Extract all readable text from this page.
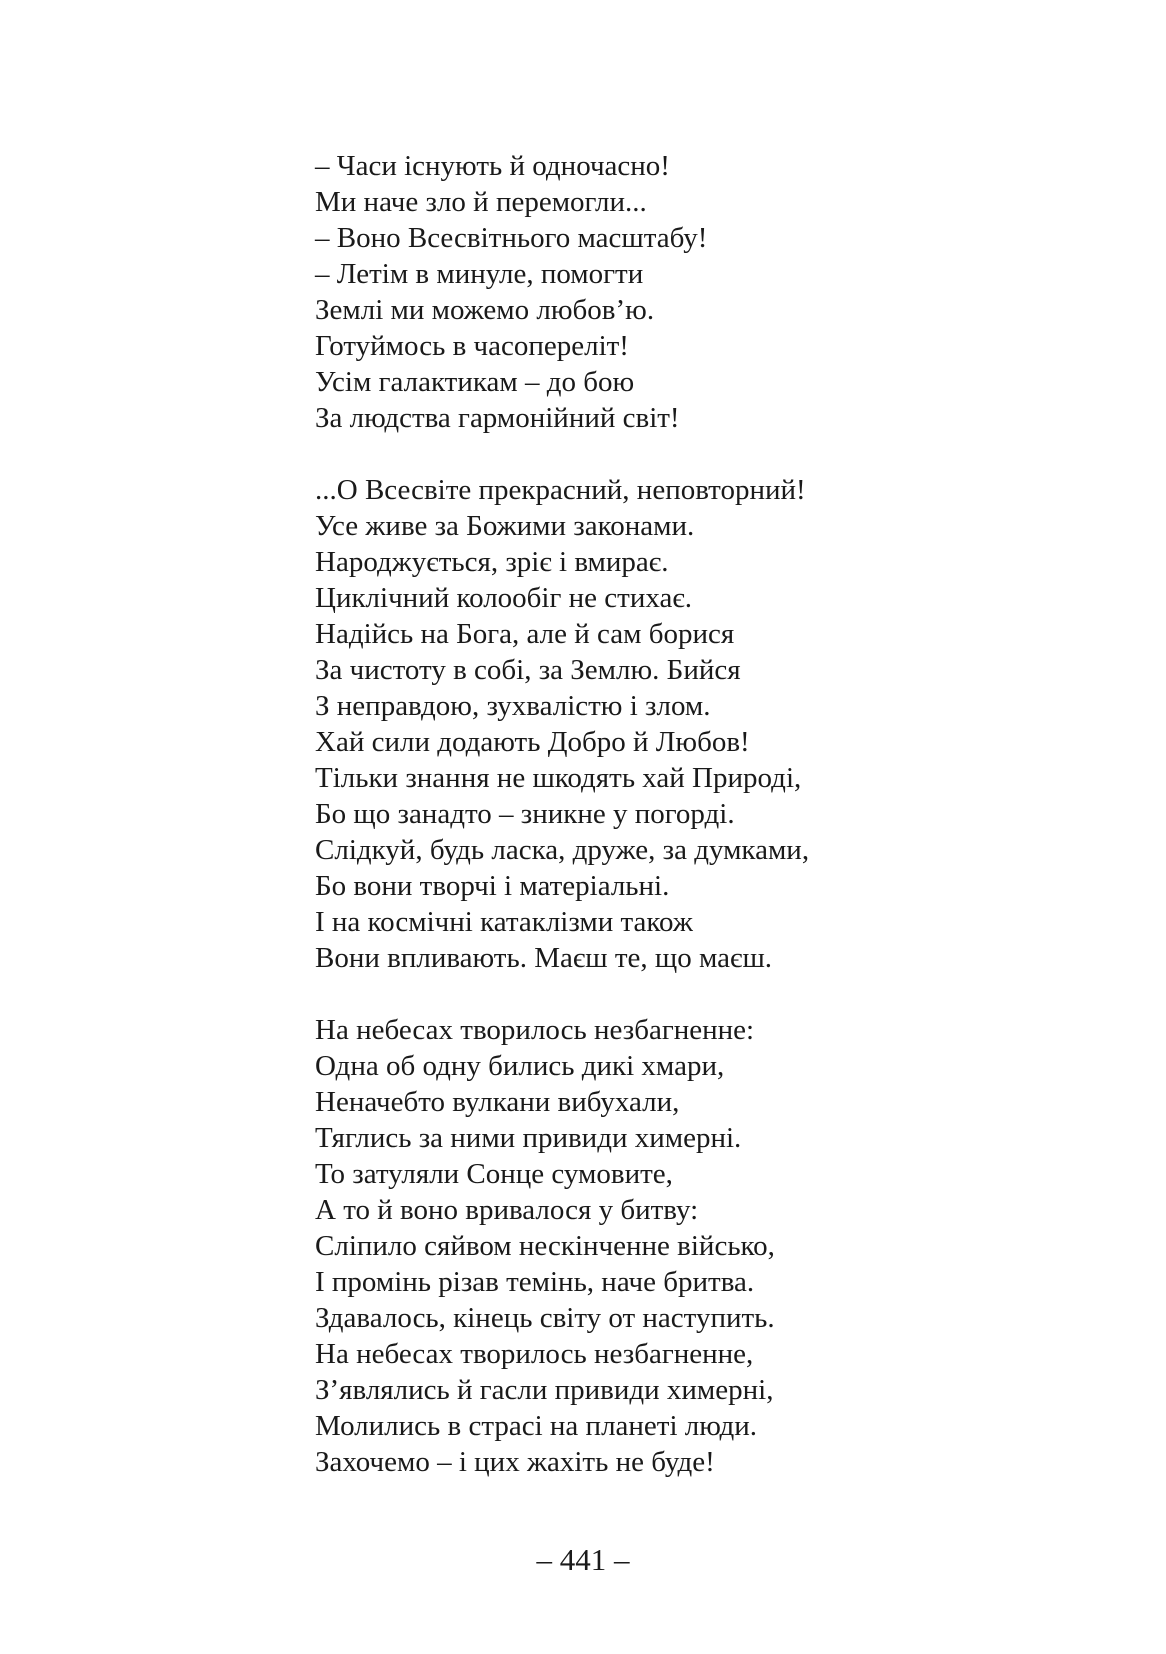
– Часи існують й одночасно!
Ми наче зло й перемогли...
– Воно Всесвітнього масштабу!
– Летім в минуле, помогти
Землі ми можемо любов’ю.
Готуймось в часопереліт!
Усім галактикам – до бою
За людства гармонійний світ!
...О Всесвіте прекрасний, неповторний!
Усе живе за Божими законами.
Народжується, зріє і вмирає.
Циклічний колообіг не стихає.
Надійсь на Бога, але й сам борися
За чистоту в собі, за Землю. Бийся
З неправдою, зухвалістю і злом.
Хай сили додають Добро й Любов!
Тільки знання не шкодять хай Природі,
Бо що занадто – зникне у погорді.
Слідкуй, будь ласка, друже, за думками,
Бо вони творчі і матеріальні.
І на космічні катаклізми також
Вони впливають. Маєш те, що маєш.
На небесах творилось незбагненне:
Одна об одну бились дикі хмари,
Неначебто вулкани вибухали,
Тяглись за ними привиди химерні.
То затуляли Сонце сумовите,
А то й воно вривалося у битву:
Сліпило сяйвом нескінченне військо,
І промінь різав темінь, наче бритва.
Здавалось, кінець світу от наступить.
На небесах творилось незбагненне,
З’являлись й гасли привиди химерні,
Молились в страсі на планеті люди.
Захочемо – і цих жахіть не буде!
– 441 –
